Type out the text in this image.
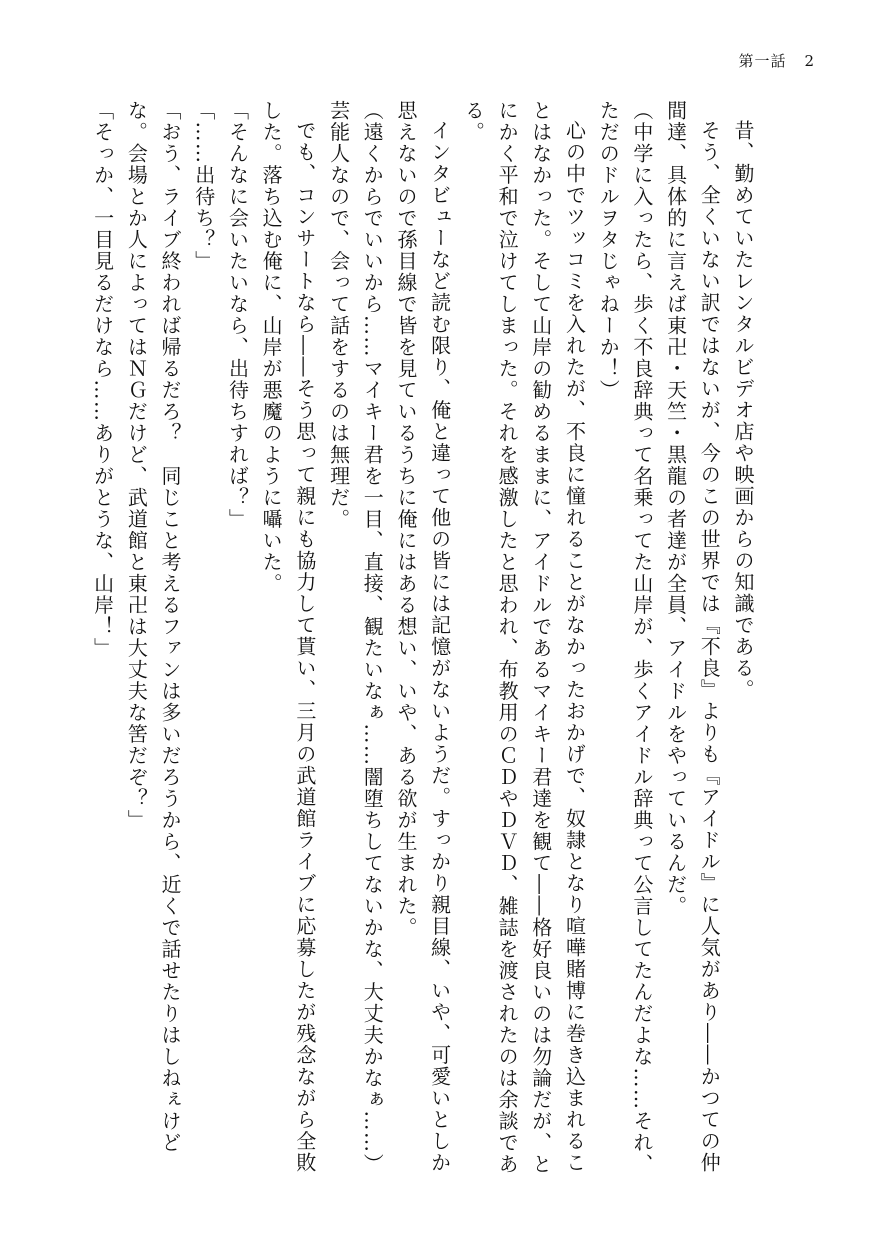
第一話 2

昔、勤めていたレンタルビデオ店や映画からの知識である。

そう、全くいない訳ではないが、今のこの世界では『不良』よりも『アイドル』に人気があり――かつての仲間達、具体的に言えば東卍・天竺・黒龍の者達が全員、アイドルをやっているんだ。

（中学に入ったら、歩く不良辞典って名乗ってた山岸が、歩くアイドル辞典って公言してたんだよな……それ、ただのドルヲタじゃねーか！）

心の中でツッコミを入れたが、不良に憧れることがなかったおかげで、奴隷となり喧嘩賭博に巻き込まれることはなかった。そして山岸の勧めるままに、アイドルであるマイキー君達を観て――格好良いのは勿論だが、とにかく平和で泣けてしまった。それを感激したと思われ、布教用のＣＤやＤＶＤ、雑誌を渡されたのは余談である。

インタビューなど読む限り、俺と違って他の皆には記憶がないようだ。すっかり親目線、いや、可愛いとしか思えないので孫目線で皆を見ているうちに俺にはある想い、いや、ある欲が生まれた。

（遠くからでいいから……マイキー君を一目、直接、観たいなぁ……闇堕ちしてないかな、大丈夫かなぁ……）

芸能人なので、会って話をするのは無理だ。

でも、コンサートなら――そう思って親にも協力して貰い、三月の武道館ライブに応募したが残念ながら全敗した。落ち込む俺に、山岸が悪魔のように囁いた。

「そんなに会いたいなら、出待ちすれば？」

「……出待ち？」

「おう、ライブ終われば帰るだろ？　同じこと考えるファンは多いだろうから、近くで話せたりはしねぇけどな。会場とか人によってはＮＧだけど、武道館と東卍は大丈夫な筈だぞ？」

「そっか、一目見るだけなら……ありがとうな、山岸！」
